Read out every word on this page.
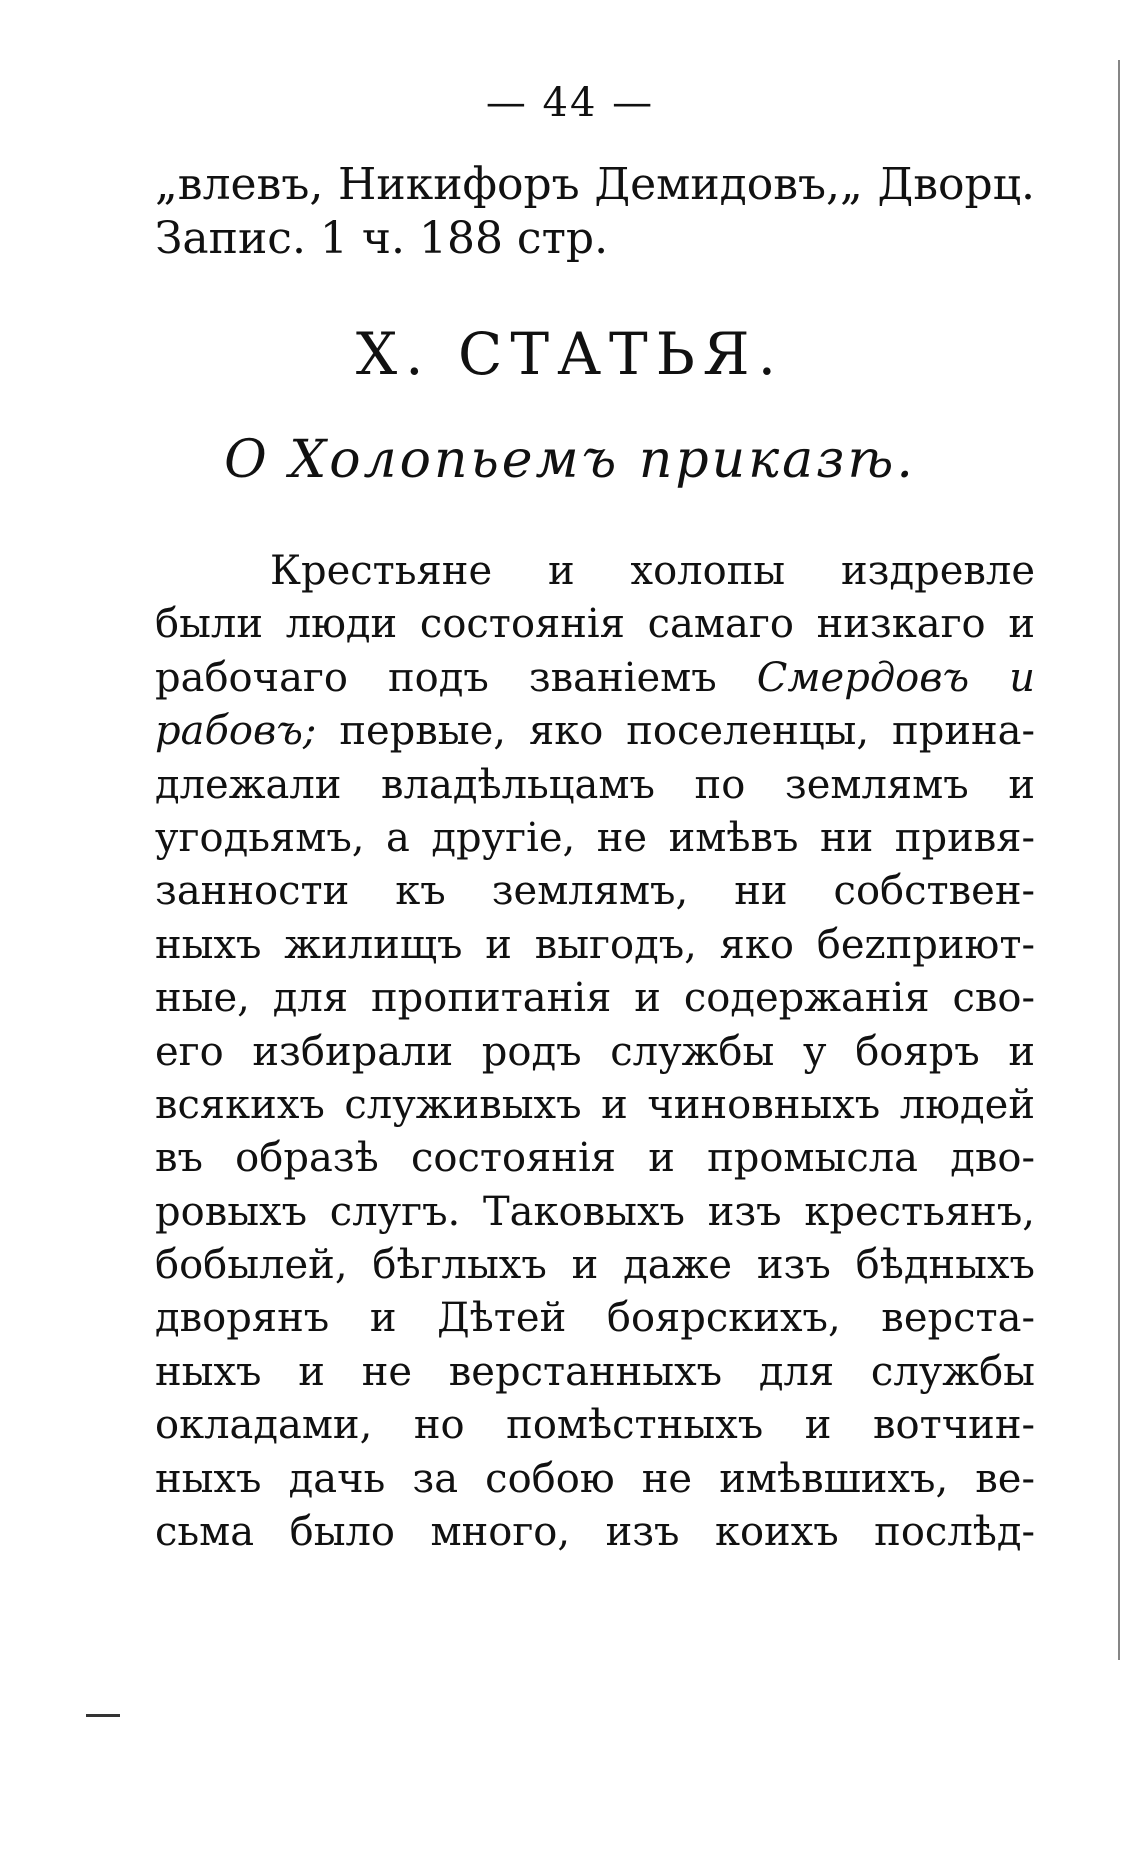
— 44 —
„влевъ, Никифоръ Демидовъ,„ Дворц.
Запис. 1 ч. 188 стр.
X. СТАТЬЯ.
О Холопьемъ приказѣ.
Крестьяне и холопы издревле
были люди состоянiя самаго низкаго и
рабочаго подъ званiемъ Смердовъ и
рабовъ; первые, яко поселенцы, прина-
длежали владѣльцамъ по землямъ и
угодьямъ, а другiе, не имѣвъ ни привя-
занности къ землямъ, ни собствен-
ныхъ жилищъ и выгодъ, яко бezприют-
ные, для пропитанiя и содержанiя сво-
его избирали родъ службы у бояръ и
всякихъ служивыхъ и чиновныхъ людей
въ образѣ состоянiя и промысла дво-
ровыхъ слугъ. Таковыхъ изъ крестьянъ,
бобылей, бѣглыхъ и даже изъ бѣдныхъ
дворянъ и Дѣтей боярскихъ, верста-
ныхъ и не верстанныхъ для службы
окладами, но помѣстныхъ и вотчин-
ныхъ дачь за собою не имѣвшихъ, ве-
сьма было много, изъ коихъ послѣд-
